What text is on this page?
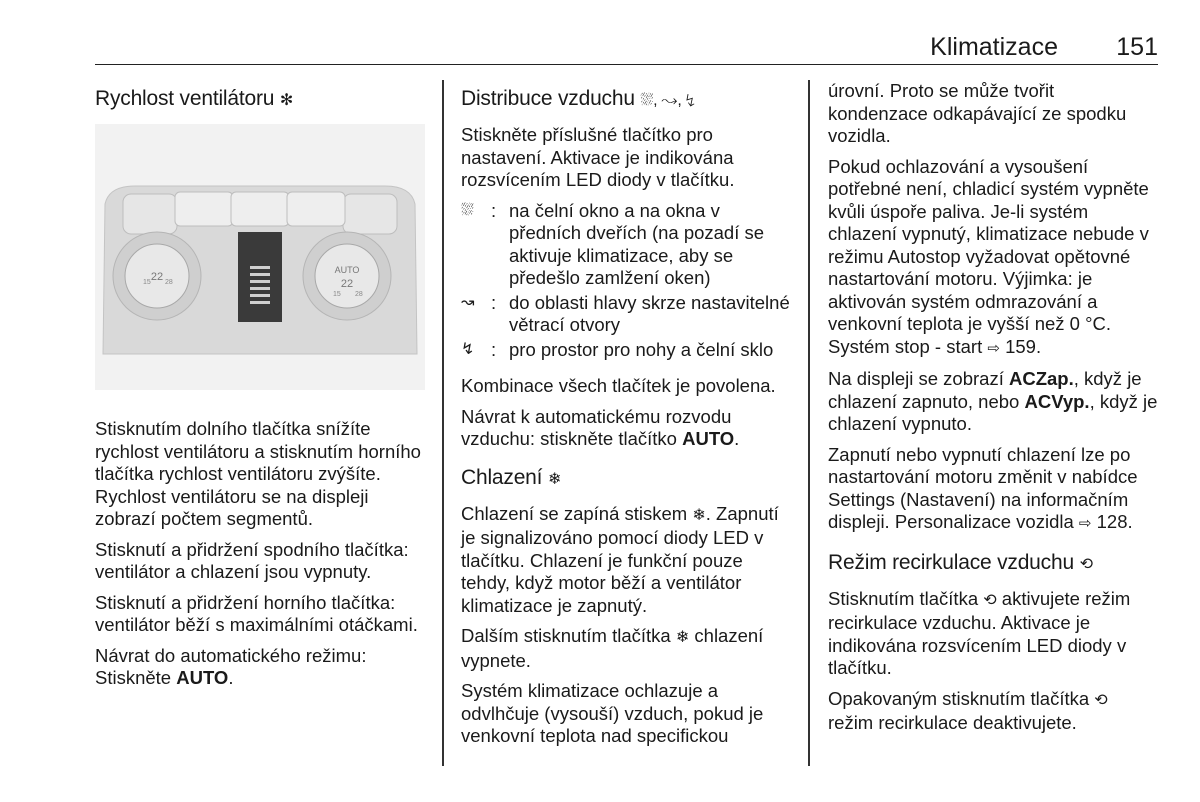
Klimatizace 151
Rychlost ventilátoru ✻
22
AUTO
22
15 28
15 28

Stisknutím dolního tlačítka snížíte rychlost ventilátoru a stisknutím horního tlačítka rychlost ventilátoru zvýšíte. Rychlost ventilátoru se na displeji zobrazí počtem segmentů.

Stisknutí a přidržení spodního tlačítka: ventilátor a chlazení jsou vypnuty.

Stisknutí a přidržení horního tlačítka: ventilátor běží s maximálními otáčkami.

Návrat do automatického režimu: Stiskněte AUTO.

Distribuce vzduchu ⛆, ↝, ↯

Stiskněte příslušné tlačítko pro nastavení. Aktivace je indikována rozsvícením LED diody v tlačítku.

⛆ : na čelní okno a na okna v předních dveřích (na pozadí se aktivuje klimatizace, aby se předešlo zamlžení oken)
↝ : do oblasti hlavy skrze nastavitelné větrací otvory
↯ : pro prostor pro nohy a čelní sklo

Kombinace všech tlačítek je povolena.

Návrat k automatickému rozvodu vzduchu: stiskněte tlačítko AUTO.

Chlazení ❄

Chlazení se zapíná stiskem ❄. Zapnutí je signalizováno pomocí diody LED v tlačítku. Chlazení je funkční pouze tehdy, když motor běží a ventilátor klimatizace je zapnutý.

Dalším stisknutím tlačítka ❄ chlazení vypnete.

Systém klimatizace ochlazuje a odvlhčuje (vysouší) vzduch, pokud je venkovní teplota nad specifickou

úrovní. Proto se může tvořit kondenzace odkapávající ze spodku vozidla.

Pokud ochlazování a vysoušení potřebné není, chladicí systém vypněte kvůli úspoře paliva. Je-li systém chlazení vypnutý, klimatizace nebude v režimu Autostop vyžadovat opětovné nastartování motoru. Výjimka: je aktivován systém odmrazování a venkovní teplota je vyšší než 0 °C. Systém stop - start ⇨ 159.

Na displeji se zobrazí ACZap., když je chlazení zapnuto, nebo ACVyp., když je chlazení vypnuto.

Zapnutí nebo vypnutí chlazení lze po nastartování motoru změnit v nabídce Settings (Nastavení) na informačním displeji. Personalizace vozidla ⇨ 128.

Režim recirkulace vzduchu ⟲

Stisknutím tlačítka ⟲ aktivujete režim recirkulace vzduchu. Aktivace je indikována rozsvícením LED diody v tlačítku.

Opakovaným stisknutím tlačítka ⟲ režim recirkulace deaktivujete.
